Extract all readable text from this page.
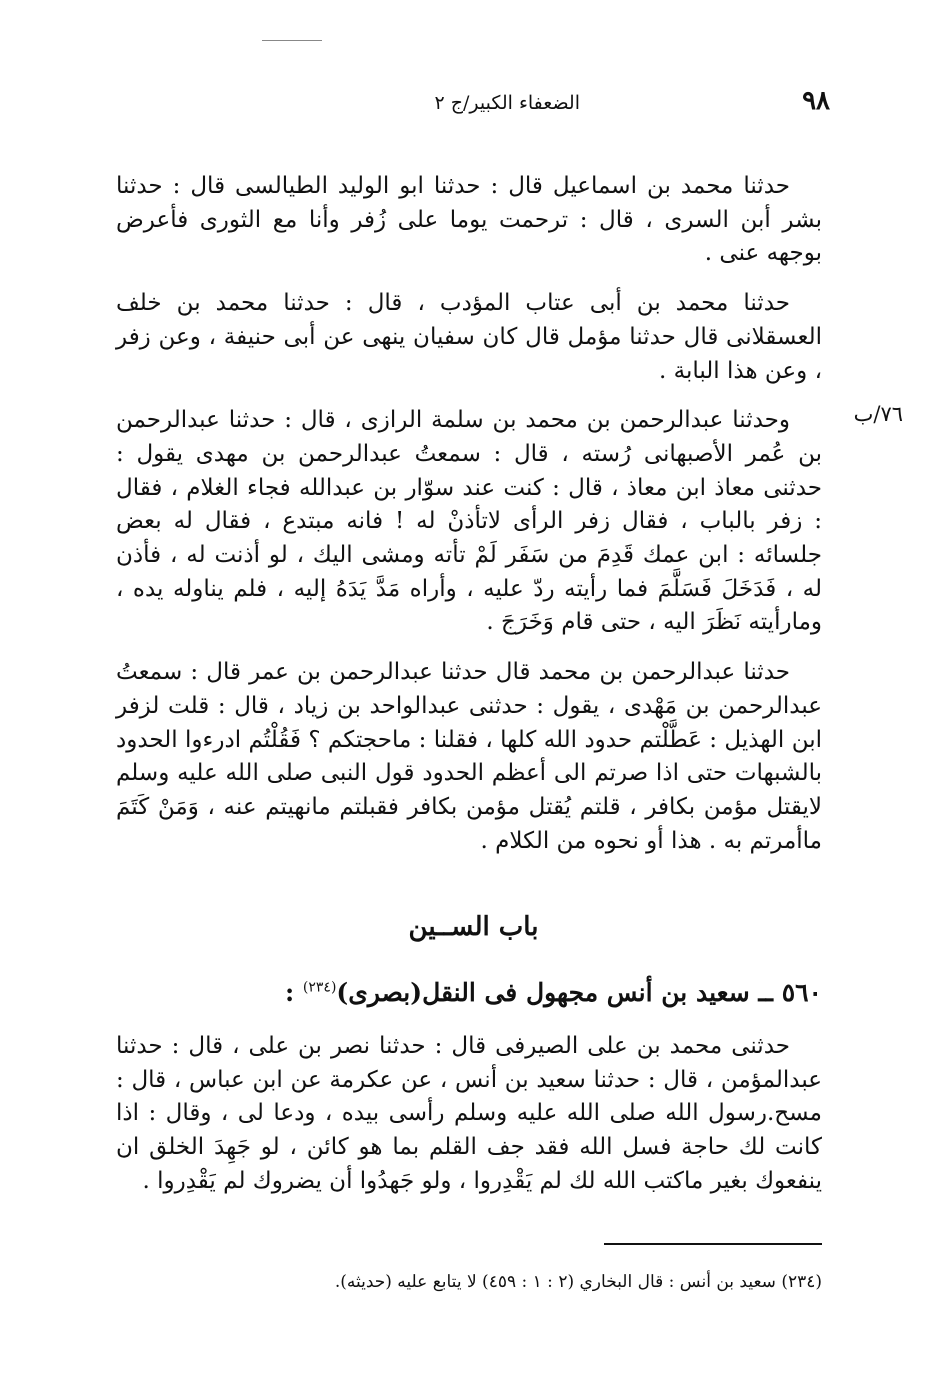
٩٨
الضعفاء الكبير/ج ٢
٧٦/ب

حدثنا محمد بن اسماعيل قال : حدثنا ابو الوليد الطيالسى قال : حدثنا بشر أبن السرى ، قال : ترحمت يوما على زُفر وأنا مع الثورى فأعرض بوجهه عنى .

حدثنا محمد بن أبى عتاب المؤدب ، قال : حدثنا محمد بن خلف العسقلانى قال حدثنا مؤمل قال كان سفيان ينهى عن أبى حنيفة ، وعن زفر ، وعن هذا البابة .

وحدثنا عبدالرحمن بن محمد بن سلمة الرازى ، قال : حدثنا عبدالرحمن بن عُمر الأصبهانى رُسته ، قال : سمعتُ عبدالرحمن بن مهدى يقول : حدثنى معاذ ابن معاذ ، قال : كنت عند سوّار بن عبدالله فجاء الغلام ، فقال : زفر بالباب ، فقال زفر الرأى لاتأذنْ له ! فانه مبتدع ، فقال له بعض جلسائه : ابن عمك قَدِمَ من سَفَر لَمْ تأته ومشى اليك ، لو أذنت له ، فأذن له ، فَدَخَلَ فَسَلَّمَ فما رأيته ردّ عليه ، وأراه مَدَّ يَدَهُ إليه ، فلم يناوله يده ، ومارأيته نَظَرَ اليه ، حتى قام وَخَرَجَ .

حدثنا عبدالرحمن بن محمد قال حدثنا عبدالرحمن بن عمر قال : سمعتُ عبدالرحمن بن مَهْدى ، يقول : حدثنى عبدالواحد بن زياد ، قال : قلت لزفر ابن الهذيل : عَطَّلْتم حدود الله كلها ، فقلنا : ماحجتكم ؟ فَقُلْتُم ادرءوا الحدود بالشبهات حتى اذا صرتم الى أعظم الحدود قول النبى صلى الله عليه وسلم لايقتل مؤمن بكافر ، قلتم يُقتل مؤمن بكافر فقبلتم مانهيتم عنه ، وَمَنْ كَتَمَ ماأمرتم به . هذا أو نحوه من الكلام .

باب الســين
٥٦٠ ــ سعيد بن أنس مجهول فى النقل(بصرى)$^{(٢٣٤)}$ :

حدثنى محمد بن على الصيرفى قال : حدثنا نصر بن على ، قال : حدثنا عبدالمؤمن ، قال : حدثنا سعيد بن أنس ، عن عكرمة عن ابن عباس ، قال : مسح.رسول الله صلى الله عليه وسلم رأسى بيده ، ودعا لى ، وقال : اذا كانت لك حاجة فسل الله فقد جف القلم بما هو كائن ، لو جَهِدَ الخلق ان ينفعوك بغير ماكتب الله لك لم يَقْدِروا ، ولو جَهدُوا أن يضروك لم يَقْدِروا .

(٢٣٤) سعيد بن أنس : قال البخاري (٢ : ١ : ٤٥٩) لا يتابع عليه (حديثه).
